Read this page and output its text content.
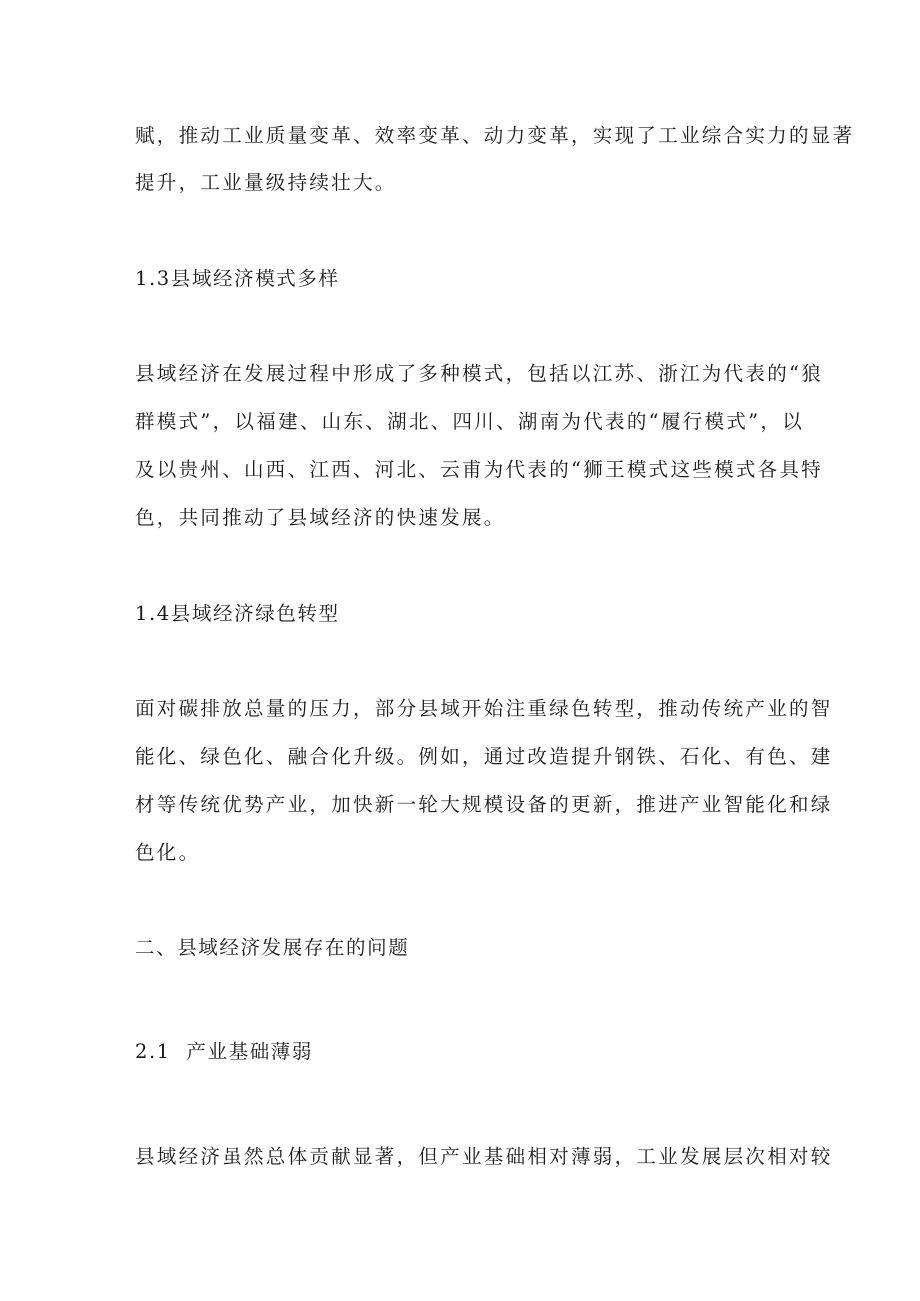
赋，推动工业质量变革、效率变革、动力变革，实现了工业综合实力的显著
提升，工业量级持续壮大。
1.3县域经济模式多样
县域经济在发展过程中形成了多种模式，包括以江苏、浙江为代表的“狼
群模式”，以福建、山东、湖北、四川、湖南为代表的“履行模式”，以
及以贵州、山西、江西、河北、云甫为代表的“狮王模式这些模式各具特
色，共同推动了县域经济的快速发展。
1.4县域经济绿色转型
面对碳排放总量的压力，部分县域开始注重绿色转型，推动传统产业的智
能化、绿色化、融合化升级。例如，通过改造提升钢铁、石化、有色、建
材等传统优势产业，加快新一轮大规模设备的更新，推进产业智能化和绿
色化。
二、县域经济发展存在的问题
2.1  产业基础薄弱
县域经济虽然总体贡献显著，但产业基础相对薄弱，工业发展层次相对较
